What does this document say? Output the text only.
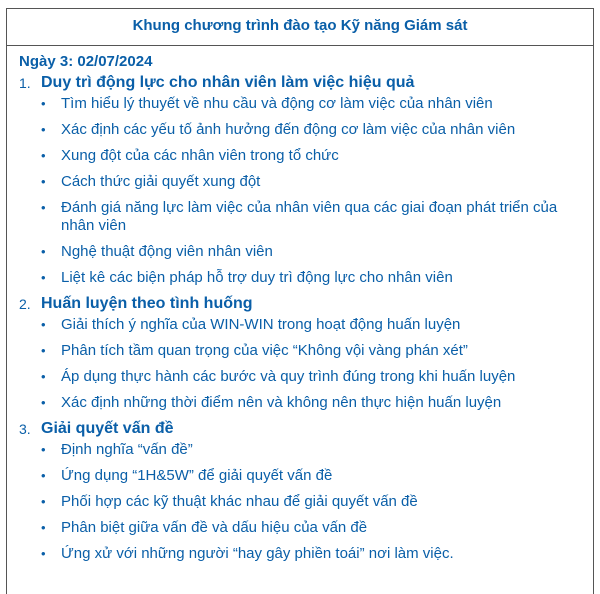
Khung chương trình đào tạo Kỹ năng Giám sát
Ngày 3: 02/07/2024
1. Duy trì động lực cho nhân viên làm việc hiệu quả
• Tìm hiểu lý thuyết về nhu cầu và động cơ làm việc của nhân viên
• Xác định các yếu tố ảnh hưởng đến động cơ làm việc của nhân viên
• Xung đột của các nhân viên trong tổ chức
• Cách thức giải quyết xung đột
• Đánh giá năng lực làm việc của nhân viên qua các giai đoạn phát triển của nhân viên
• Nghệ thuật động viên nhân viên
• Liệt kê các biện pháp hỗ trợ duy trì động lực cho nhân viên
2. Huấn luyện theo tình huống
• Giải thích ý nghĩa của WIN-WIN trong hoạt động huấn luyện
• Phân tích tầm quan trọng của việc “Không vội vàng phán xét”
• Áp dụng thực hành các bước và quy trình đúng trong khi huấn luyện
• Xác định những thời điểm nên và không nên thực hiện huấn luyện
3. Giải quyết vấn đề
• Định nghĩa “vấn đề”
• Ứng dụng “1H&5W” để giải quyết vấn đề
• Phối hợp các kỹ thuật khác nhau để giải quyết vấn đề
• Phân biệt giữa vấn đề và dấu hiệu của vấn đề
• Ứng xử với những người “hay gây phiền toái” nơi làm việc.
